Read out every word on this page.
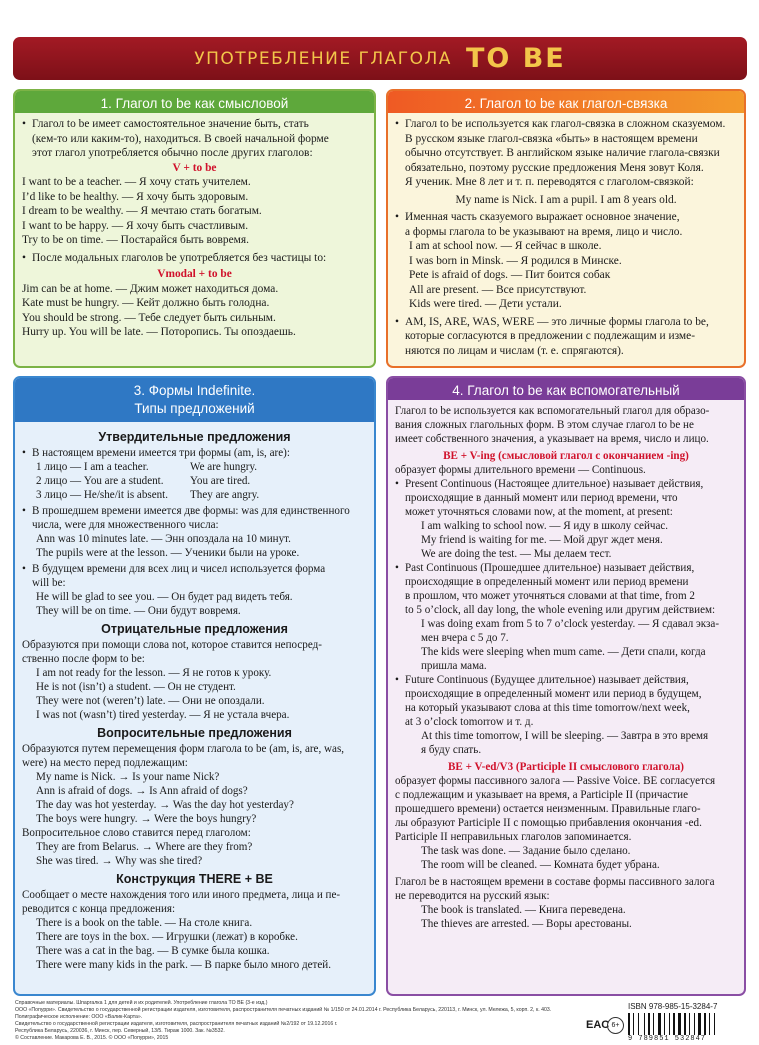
УПОТРЕБЛЕНИЕ ГЛАГОЛА TO BE
1. Глагол to be как смысловой
• Глагол to be имеет самостоятельное значение быть, стать
(кем-то или каким-то), находиться. В своей начальной форме
этот глагол употребляется обычно после других глаголов:
V + to be
I want to be a teacher. — Я хочу стать учителем.
I’d like to be healthy. — Я хочу быть здоровым.
I dream to be wealthy. — Я мечтаю стать богатым.
I want to be happy. — Я хочу быть счастливым.
Try to be on time. — Постарайся быть вовремя.
• После модальных глаголов be употребляется без частицы to:
Vmodal + to be
Jim can be at home. — Джим может находиться дома.
Kate must be hungry. — Кейт должно быть голодна.
You should be strong. — Тебе следует быть сильным.
Hurry up. You will be late. — Поторопись. Ты опоздаешь.
2. Глагол to be как глагол-связка
• Глагол to be используется как глагол-связка в сложном сказуемом.
В русском языке глагол-связка «быть» в настоящем времени
обычно отсутствует. В английском языке наличие глагола-связки
обязательно, поэтому русские предложения Меня зовут Коля.
Я ученик. Мне 8 лет и т. п. переводятся с глаголом-связкой:
My name is Nick. I am a pupil. I am 8 years old.
• Именная часть сказуемого выражает основное значение,
а формы глагола to be указывают на время, лицо и число.
I am at school now. — Я сейчас в школе.
I was born in Minsk. — Я родился в Минске.
Pete is afraid of dogs. — Пит боится собак
All are present. — Все присутствуют.
Kids were tired. — Дети устали.
• AM, IS, ARE, WAS, WERE — это личные формы глагола to be,
которые согласуются в предложении с подлежащим и изме-
няются по лицам и числам (т. е. спрягаются).
3. Формы Indefinite.
Типы предложений
Утвердительные предложения
• В настоящем времени имеется три формы (am, is, are):
1 лицо — I am a teacher.	We are hungry.
2 лицо — You are a student.	You are tired.
3 лицо — He/she/it is absent.	They are angry.
• В прошедшем времени имеется две формы: was для единственного
числа, were для множественного числа:
Ann was 10 minutes late. — Энн опоздала на 10 минут.
The pupils were at the lesson. — Ученики были на уроке.
• В будущем времени для всех лиц и чисел используется форма
will be:
He will be glad to see you. — Он будет рад видеть тебя.
They will be on time. — Они будут вовремя.
Отрицательные предложения
Образуются при помощи слова not, которое ставится непосред-
ственно после форм to be:
I am not ready for the lesson. — Я не готов к уроку.
He is not (isn’t) a student. — Он не студент.
They were not (weren’t) late. — Они не опоздали.
I was not (wasn’t) tired yesterday. — Я не устала вчера.
Вопросительные предложения
Образуются путем перемещения форм глагола to be (am, is, are, was,
were) на место перед подлежащим:
My name is Nick. → Is your name Nick?
Ann is afraid of dogs. → Is Ann afraid of dogs?
The day was hot yesterday. → Was the day hot yesterday?
The boys were hungry. → Were the boys hungry?
Вопросительное слово ставится перед глаголом:
They are from Belarus. → Where are they from?
She was tired. → Why was she tired?
Конструкция THERE + BE
Сообщает о месте нахождения того или иного предмета, лица и пе-
реводится с конца предложения:
There is a book on the table. — На столе книга.
There are toys in the box. — Игрушки (лежат) в коробке.
There was a cat in the bag. — В сумке была кошка.
There were many kids in the park. — В парке было много детей.
4. Глагол to be как вспомогательный
Глагол to be используется как вспомогательный глагол для образо-
вания сложных глагольных форм. В этом случае глагол to be не
имеет собственного значения, а указывает на время, число и лицо.
BE + V-ing (смысловой глагол с окончанием -ing)
образует формы длительного времени — Continuous.
• Present Continuous (Настоящее длительное) называет действия,
происходящие в данный момент или период времени, что
может уточняться словами now, at the moment, at present:
I am walking to school now. — Я иду в школу сейчас.
My friend is waiting for me. — Мой друг ждет меня.
We are doing the test. — Мы делаем тест.
• Past Continuous (Прошедшее длительное) называет действия,
происходящие в определенный момент или период времени
в прошлом, что может уточняться словами at that time, from 2
to 5 o’clock, all day long, the whole evening или другим действием:
I was doing exam from 5 to 7 o’clock yesterday. — Я сдавал экза-
мен вчера с 5 до 7.
The kids were sleeping when mum came. — Дети спали, когда
пришла мама.
• Future Continuous (Будущее длительное) называет действия,
происходящие в определенный момент или период в будущем,
на который указывают слова at this time tomorrow/next week,
at 3 o’clock tomorrow и т. д.
At this time tomorrow, I will be sleeping. — Завтра в это время
я буду спать.
BE + V-ed/V3 (Participle II смыслового глагола)
образует формы пассивного залога — Passive Voice. BE согласуется
с подлежащим и указывает на время, а Participle II (причастие
прошедшего времени) остается неизменным. Правильные глаго-
лы образуют Participle II с помощью прибавления окончания -ed.
Participle II неправильных глаголов запоминается.
The task was done. — Задание было сделано.
The room will be cleaned. — Комната будет убрана.
Глагол be в настоящем времени в составе формы пассивного залога
не переводится на русский язык:
The book is translated. — Книга переведена.
The thieves are arrested. — Воры арестованы.
Справочные материалы. Шпаргалка 1 для детей и их родителей. Употребление глагола TO BE (3-е изд.)
ООО «Попурри». Свидетельство о государственной регистрации издателя, изготовителя, распространителя печатных изданий № 1/150 от 24.01.2014 г. Республика Беларусь, 220113, г. Минск, ул. Мележа, 5, корп. 2, к. 403.
Полиграфическое исполнение: ООО «Валик-Карта».
Свидетельство о государственной регистрации издателя, изготовителя, распространителя печатных изданий №2/192 от 19.12.2016 г.
Республика Беларусь, 220036, г. Минск, пер. Северный, 13/5. Тираж 1000. Зак. №3532.
© Составление. Макарова Е. В., 2015. © ООО «Попурри», 2015
EAC 6+
ISBN 978-985-15-3284-7
9 789851 532847
